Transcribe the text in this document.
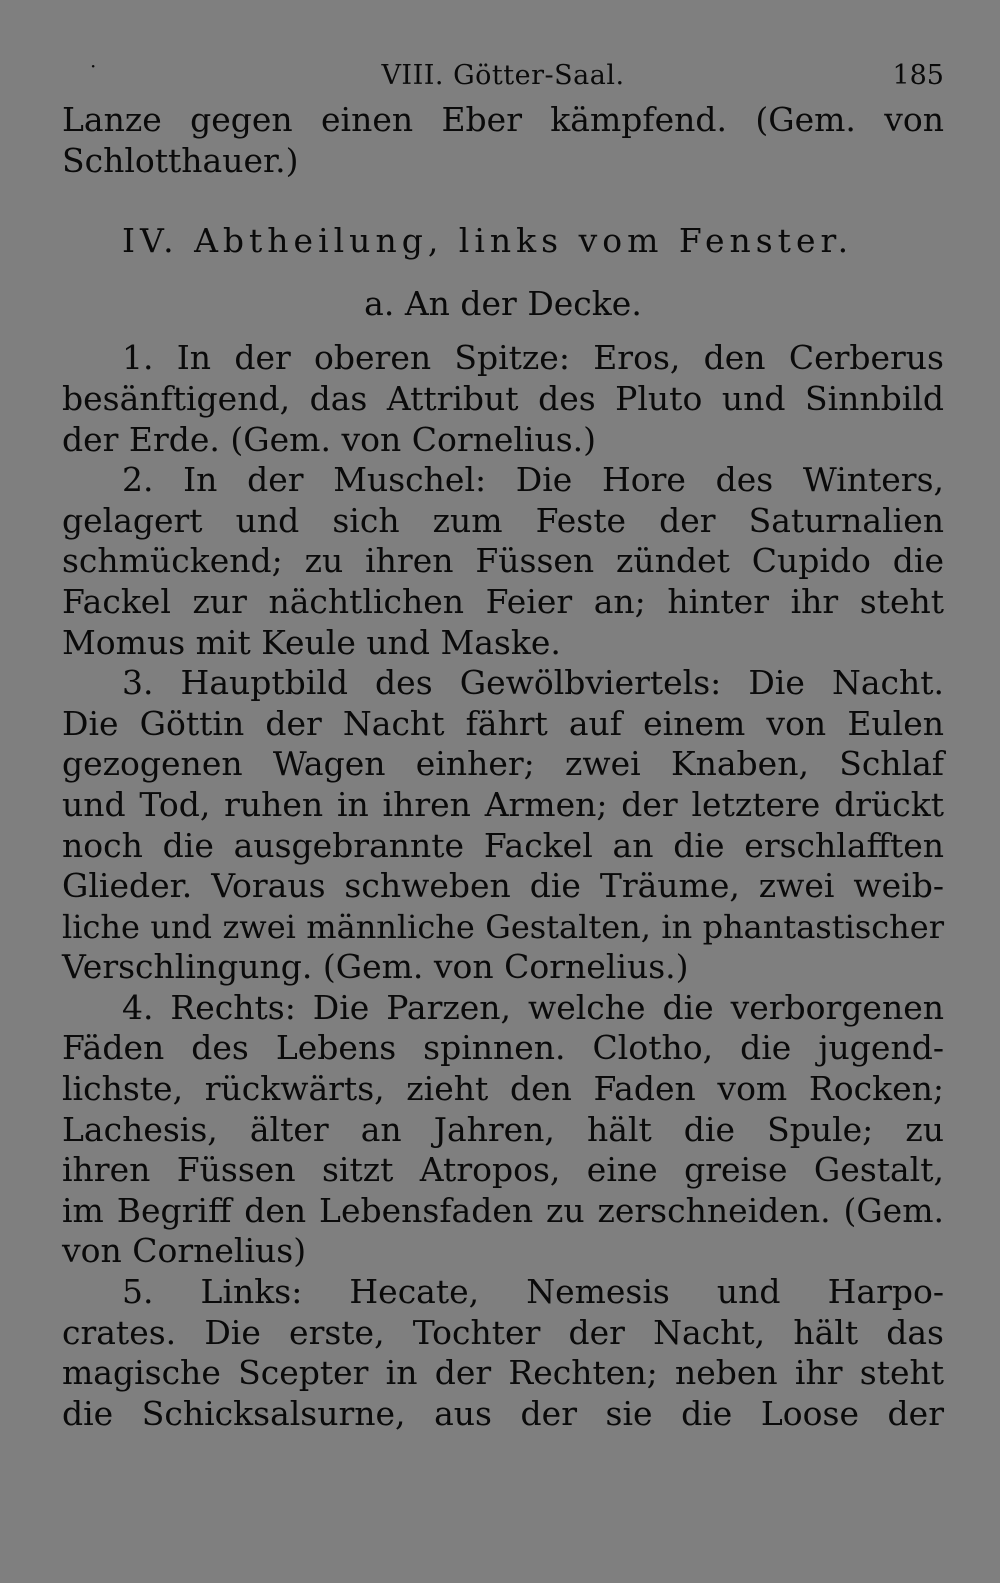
·	VIII. Götter-Saal.	185
Lanze gegen einen Eber kämpfend. (Gem. von
Schlotthauer.)
IV. Abtheilung, links vom Fenster.
a. An der Decke.
1. In der oberen Spitze: Eros, den Cerberus
besänftigend, das Attribut des Pluto und Sinnbild
der Erde. (Gem. von Cornelius.)
2. In der Muschel: Die Hore des Winters,
gelagert und sich zum Feste der Saturnalien
schmückend; zu ihren Füssen zündet Cupido die
Fackel zur nächtlichen Feier an; hinter ihr steht
Momus mit Keule und Maske.
3. Hauptbild des Gewölbviertels: Die Nacht.
Die Göttin der Nacht fährt auf einem von Eulen
gezogenen Wagen einher; zwei Knaben, Schlaf
und Tod, ruhen in ihren Armen; der letztere drückt
noch die ausgebrannte Fackel an die erschlafften
Glieder. Voraus schweben die Träume, zwei weib-
liche und zwei männliche Gestalten, in phantastischer
Verschlingung. (Gem. von Cornelius.)
4. Rechts: Die Parzen, welche die verborgenen
Fäden des Lebens spinnen. Clotho, die jugend-
lichste, rückwärts, zieht den Faden vom Rocken;
Lachesis, älter an Jahren, hält die Spule; zu
ihren Füssen sitzt Atropos, eine greise Gestalt,
im Begriff den Lebensfaden zu zerschneiden. (Gem.
von Cornelius)
5. Links: Hecate, Nemesis und Harpo-
crates. Die erste, Tochter der Nacht, hält das
magische Scepter in der Rechten; neben ihr steht
die Schicksalsurne, aus der sie die Loose der
